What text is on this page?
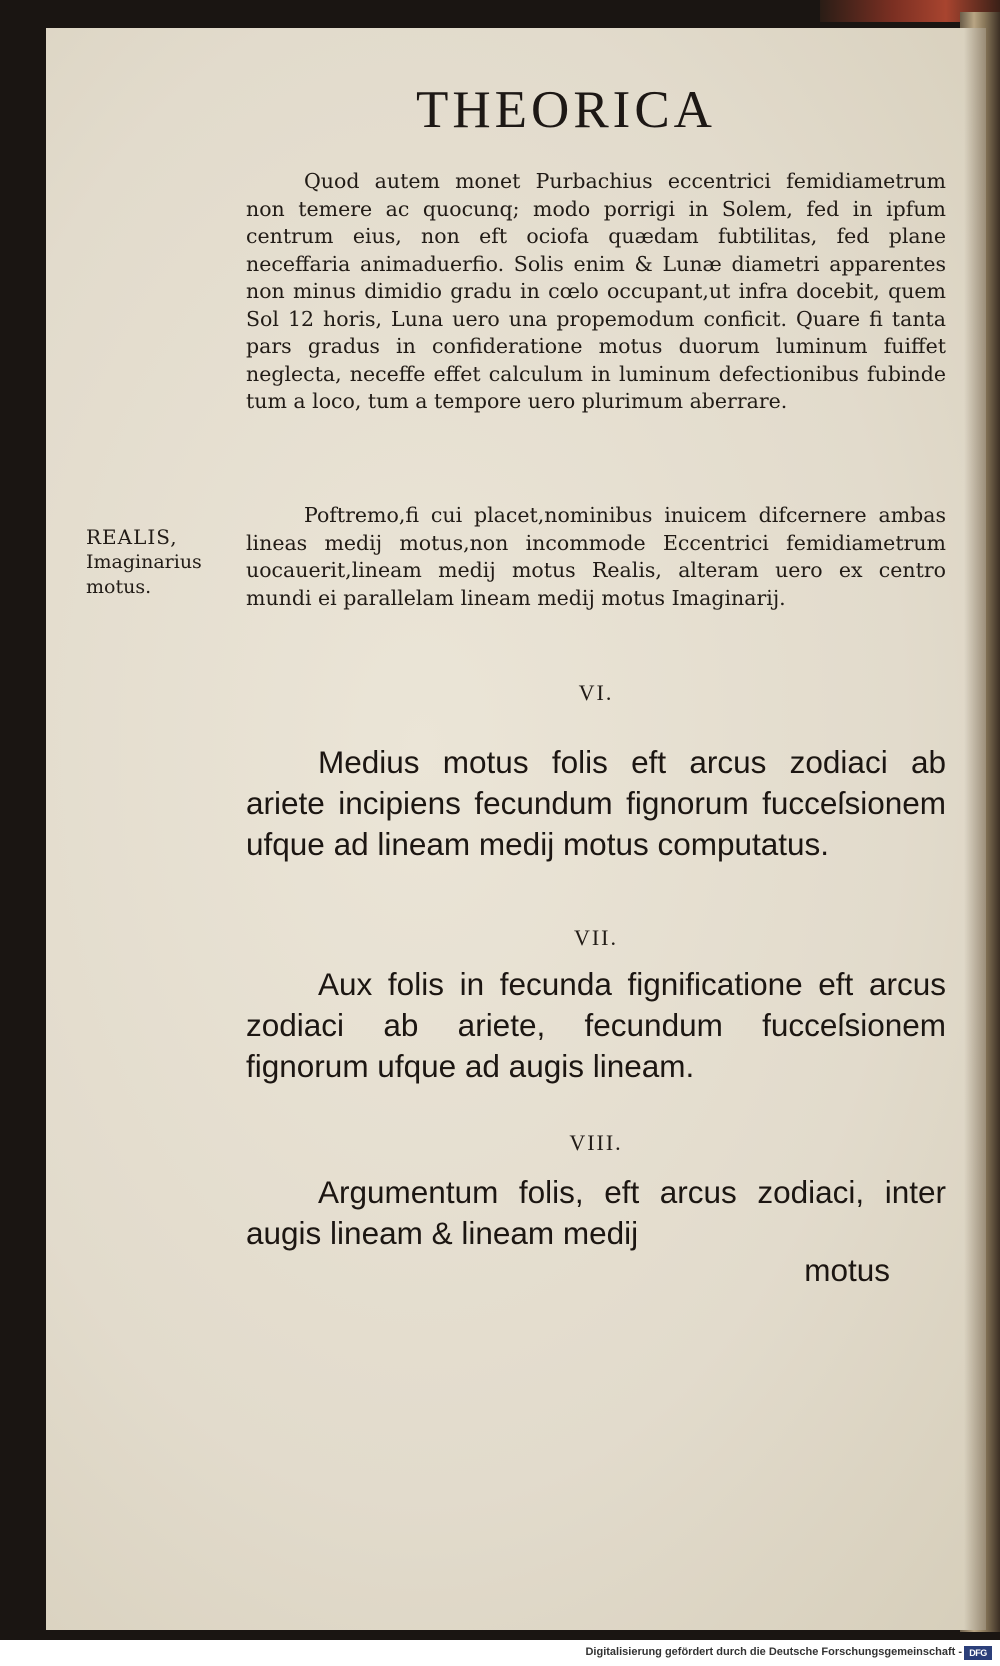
THEORICA
Quod autem monet Purbachius eccentrici femidiametrum non temere ac quocunq; modo porrigi in Solem, fed in ipfum centrum eius, non eft ociofa quædam fubtilitas, fed plane neceffaria animaduerfio. Solis enim & Lunæ diametri apparentes non minus dimidio gradu in cœlo occupant,ut infra docebit, quem Sol 12 horis, Luna uero una propemodum conficit. Quare fi tanta pars gradus in confideratione motus duorum luminum fuiffet neglecta, neceffe effet calculum in luminum defectionibus fubinde tum a loco, tum a tempore uero plurimum aberrare.
REALIS,
Imaginarius
motus.
Poftremo,fi cui placet,nominibus inuicem difcernere ambas lineas medij motus,non incommode Eccentrici femidiametrum uocauerit,lineam medij motus Realis, alteram uero ex centro mundi ei parallelam lineam medij motus Imaginarij.
VI.
Medius motus folis eft arcus zodiaci ab ariete incipiens fecundum fignorum fucceſsionem ufque ad lineam medij motus computatus.
VII.
Aux folis in fecunda fignificatione eft arcus zodiaci ab ariete, fecundum fucceſsionem fignorum ufque ad augis lineam.
VIII.
Argumentum folis, eft arcus zodiaci, inter augis lineam & lineam medij
motus
Digitalisierung gefördert durch die Deutsche Forschungsgemeinschaft - DFG
